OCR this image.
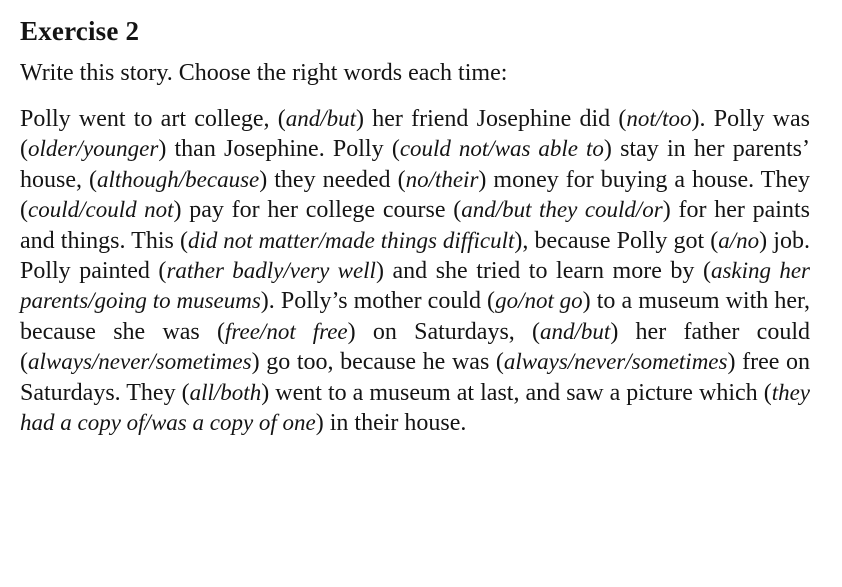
Exercise 2

Write this story. Choose the right words each time:

Polly went to art college, (and/but) her friend Josephine did (not/too). Polly was (older/younger) than Josephine. Polly (could not/was able to) stay in her parents’ house, (although/because) they needed (no/their) money for buying a house. They (could/could not) pay for her college course (and/but they could/or) for her paints and things. This (did not matter/made things difficult), because Polly got (a/no) job. Polly painted (rather badly/very well) and she tried to learn more by (asking her parents/going to museums). Polly’s mother could (go/not go) to a museum with her, because she was (free/not free) on Saturdays, (and/but) her father could (always/never/sometimes) go too, because he was (always/never/sometimes) free on Saturdays. They (all/both) went to a museum at last, and saw a picture which (they had a copy of/was a copy of one) in their house.
